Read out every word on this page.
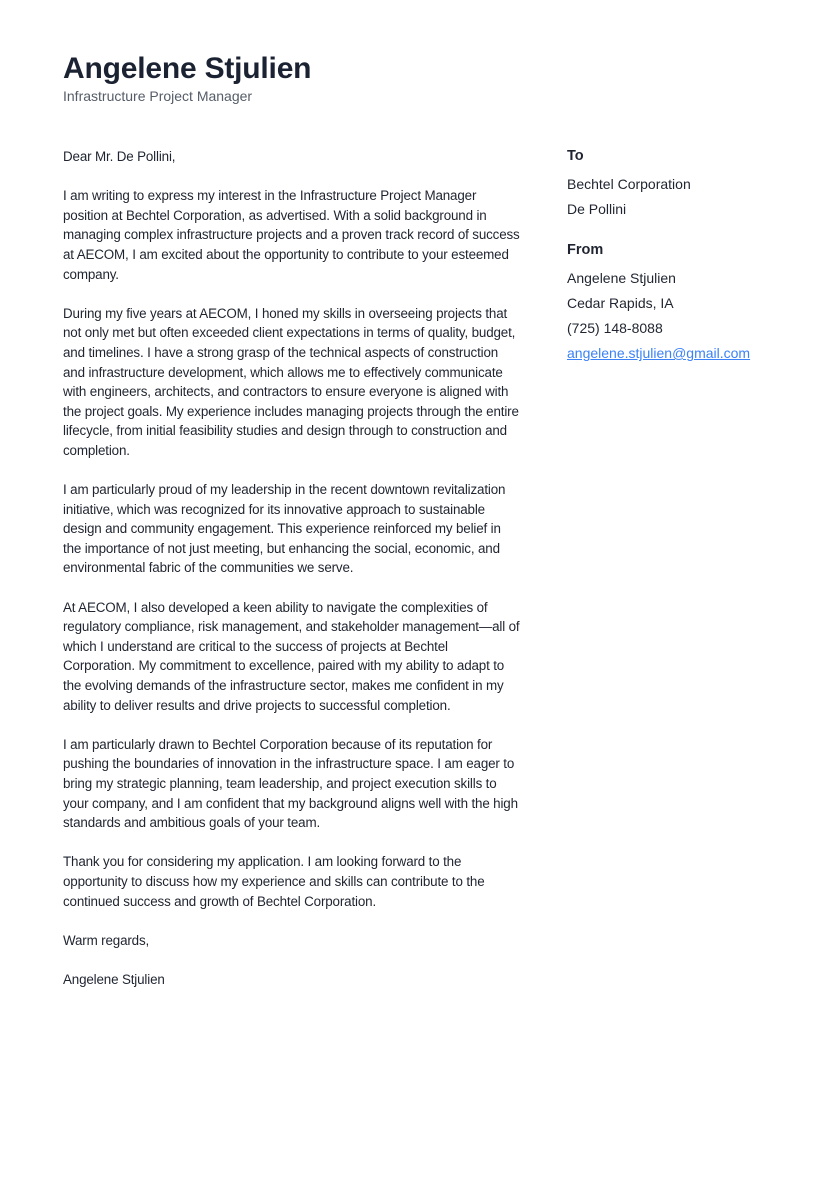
Angelene Stjulien
Infrastructure Project Manager

Dear Mr. De Pollini,

I am writing to express my interest in the Infrastructure Project Manager position at Bechtel Corporation, as advertised. With a solid background in managing complex infrastructure projects and a proven track record of success at AECOM, I am excited about the opportunity to contribute to your esteemed company.

During my five years at AECOM, I honed my skills in overseeing projects that not only met but often exceeded client expectations in terms of quality, budget, and timelines. I have a strong grasp of the technical aspects of construction and infrastructure development, which allows me to effectively communicate with engineers, architects, and contractors to ensure everyone is aligned with the project goals. My experience includes managing projects through the entire lifecycle, from initial feasibility studies and design through to construction and completion.

I am particularly proud of my leadership in the recent downtown revitalization initiative, which was recognized for its innovative approach to sustainable design and community engagement. This experience reinforced my belief in the importance of not just meeting, but enhancing the social, economic, and environmental fabric of the communities we serve.

At AECOM, I also developed a keen ability to navigate the complexities of regulatory compliance, risk management, and stakeholder management—all of which I understand are critical to the success of projects at Bechtel Corporation. My commitment to excellence, paired with my ability to adapt to the evolving demands of the infrastructure sector, makes me confident in my ability to deliver results and drive projects to successful completion.

I am particularly drawn to Bechtel Corporation because of its reputation for pushing the boundaries of innovation in the infrastructure space. I am eager to bring my strategic planning, team leadership, and project execution skills to your company, and I am confident that my background aligns well with the high standards and ambitious goals of your team.

Thank you for considering my application. I am looking forward to the opportunity to discuss how my experience and skills can contribute to the continued success and growth of Bechtel Corporation.

Warm regards,

Angelene Stjulien

To
Bechtel Corporation
De Pollini
From
Angelene Stjulien
Cedar Rapids, IA
(725) 148-8088
angelene.stjulien@gmail.com
